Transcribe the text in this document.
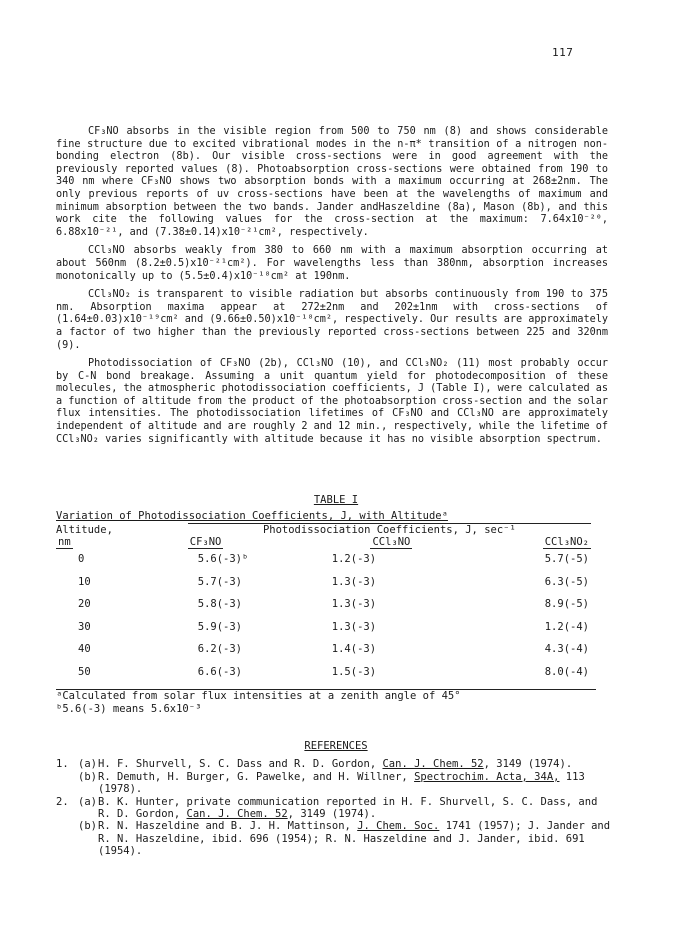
117

CF₃NO absorbs in the visible region from 500 to 750 nm (8) and shows considerable fine structure due to excited vibrational modes in the n-π* transition of a nitrogen non-bonding electron (8b). Our visible cross-sections were in good agreement with the previously reported values (8). Photoabsorption cross-sections were obtained from 190 to 340 nm where CF₃NO shows two absorption bonds with a maximum occurring at 268±2nm. The only previous reports of uv cross-sections have been at the wavelengths of maximum and minimum absorption between the two bands. Jander andHaszeldine (8a), Mason (8b), and this work cite the following values for the cross-section at the maximum: 7.64x10⁻²⁰, 6.88x10⁻²¹, and (7.38±0.14)x10⁻²¹cm², respectively.

CCl₃NO absorbs weakly from 380 to 660 nm with a maximum absorption occurring at about 560nm (8.2±0.5)x10⁻²¹cm²). For wavelengths less than 380nm, absorption increases monotonically up to (5.5±0.4)x10⁻¹⁸cm² at 190nm.

CCl₃NO₂ is transparent to visible radiation but absorbs continuously from 190 to 375 nm. Absorption maxima appear at 272±2nm and 202±1nm with cross-sections of (1.64±0.03)x10⁻¹⁹cm² and (9.66±0.50)x10⁻¹⁸cm², respectively. Our results are approximately a factor of two higher than the previously reported cross-sections between 225 and 320nm (9).

Photodissociation of CF₃NO (2b), CCl₃NO (10), and CCl₃NO₂ (11) most probably occur by C-N bond breakage. Assuming a unit quantum yield for photodecomposition of these molecules, the atmospheric photodissociation coefficients, J (Table I), were calculated as a function of altitude from the product of the photoabsorption cross-section and the solar flux intensities. The photodissociation lifetimes of CF₃NO and CCl₃NO are approximately independent of altitude and are roughly 2 and 12 min., respectively, while the lifetime of CCl₃NO₂ varies significantly with altitude because it has no visible absorption spectrum.

TABLE I
Variation of Photodissociation Coefficients, J, with Altitudeᵃ
Altitude,	Photodissociation Coefficients, J, sec⁻¹		
nm	CF₃NO	CCl₃NO	CCl₃NO₂
0	5.6(-3)ᵇ	1.2(-3)	5.7(-5)
10	5.7(-3)	1.3(-3)	6.3(-5)
20	5.8(-3)	1.3(-3)	8.9(-5)
30	5.9(-3)	1.3(-3)	1.2(-4)
40	6.2(-3)	1.4(-3)	4.3(-4)
50	6.6(-3)	1.5(-3)	8.0(-4)
ᵃCalculated from solar flux intensities at a zenith angle of 45°
ᵇ5.6(-3) means 5.6x10⁻³
REFERENCES
1. (a) H. F. Shurvell, S. C. Dass and R. D. Gordon, Can. J. Chem. 52, 3149 (1974).
(b) R. Demuth, H. Burger, G. Pawelke, and H. Willner, Spectrochim. Acta, 34A, 113 (1978).
2. (a) B. K. Hunter, private communication reported in H. F. Shurvell, S. C. Dass, and R. D. Gordon, Can. J. Chem. 52, 3149 (1974).
(b) R. N. Haszeldine and B. J. H. Mattinson, J. Chem. Soc. 1741 (1957); J. Jander and R. N. Haszeldine, ibid. 696 (1954); R. N. Haszeldine and J. Jander, ibid. 691 (1954).
